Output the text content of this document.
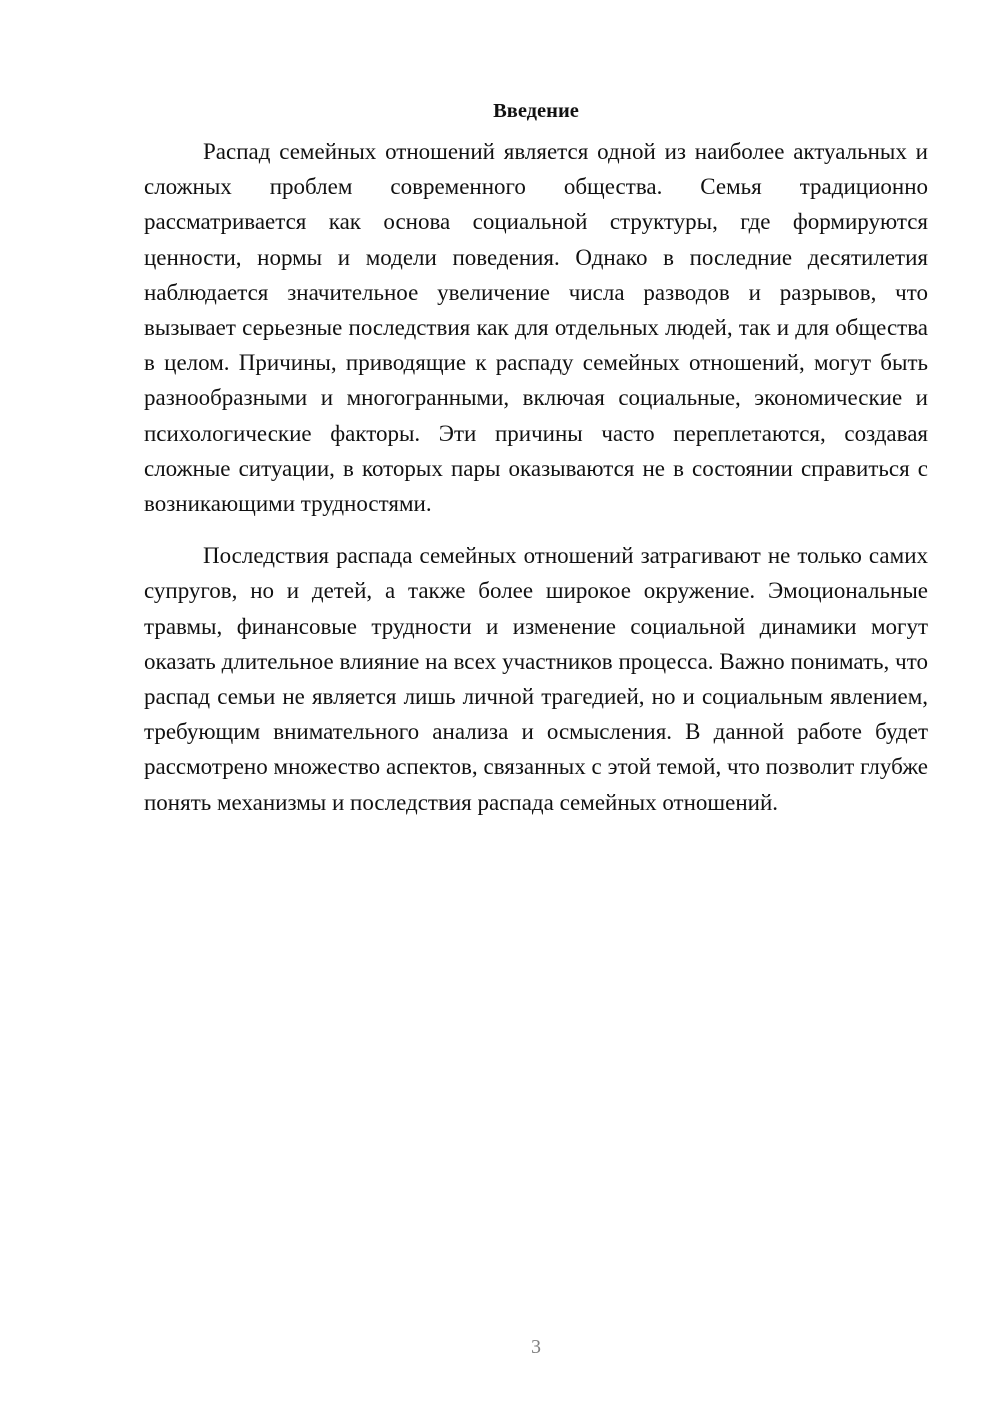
Введение

Распад семейных отношений является одной из наиболее актуальных и сложных проблем современного общества. Семья традиционно рассматривается как основа социальной структуры, где формируются ценности, нормы и модели поведения. Однако в последние десятилетия наблюдается значительное увеличение числа разводов и разрывов, что вызывает серьезные последствия как для отдельных людей, так и для общества в целом. Причины, приводящие к распаду семейных отношений, могут быть разнообразными и многогранными, включая социальные, экономические и психологические факторы. Эти причины часто переплетаются, создавая сложные ситуации, в которых пары оказываются не в состоянии справиться с возникающими трудностями.

Последствия распада семейных отношений затрагивают не только самих супругов, но и детей, а также более широкое окружение. Эмоциональные травмы, финансовые трудности и изменение социальной динамики могут оказать длительное влияние на всех участников процесса. Важно понимать, что распад семьи не является лишь личной трагедией, но и социальным явлением, требующим внимательного анализа и осмысления. В данной работе будет рассмотрено множество аспектов, связанных с этой темой, что позволит глубже понять механизмы и последствия распада семейных отношений.

3
